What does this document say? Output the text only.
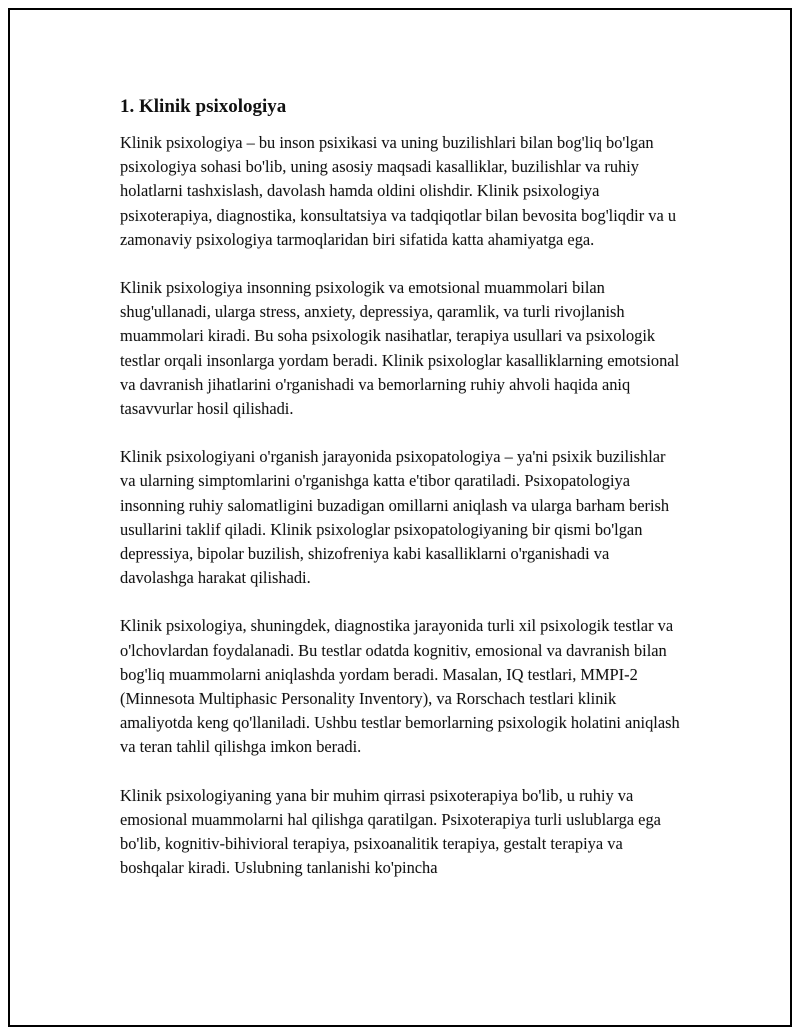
1. Klinik psixologiya

Klinik psixologiya – bu inson psixikasi va uning buzilishlari bilan bog'liq bo'lgan psixologiya sohasi bo'lib, uning asosiy maqsadi kasalliklar, buzilishlar va ruhiy holatlarni tashxislash, davolash hamda oldini olishdir. Klinik psixologiya psixoterapiya, diagnostika, konsultatsiya va tadqiqotlar bilan bevosita bog'liqdir va u zamonaviy psixologiya tarmoqlaridan biri sifatida katta ahamiyatga ega.

Klinik psixologiya insonning psixologik va emotsional muammolari bilan shug'ullanadi, ularga stress, anxiety, depressiya, qaramlik, va turli rivojlanish muammolari kiradi. Bu soha psixologik nasihatlar, terapiya usullari va psixologik testlar orqali insonlarga yordam beradi. Klinik psixologlar kasalliklarning emotsional va davranish jihatlarini o'rganishadi va bemorlarning ruhiy ahvoli haqida aniq tasavvurlar hosil qilishadi.

Klinik psixologiyani o'rganish jarayonida psixopatologiya – ya'ni psixik buzilishlar va ularning simptomlarini o'rganishga katta e'tibor qaratiladi. Psixopatologiya insonning ruhiy salomatligini buzadigan omillarni aniqlash va ularga barham berish usullarini taklif qiladi. Klinik psixologlar psixopatologiyaning bir qismi bo'lgan depressiya, bipolar buzilish, shizofreniya kabi kasalliklarni o'rganishadi va davolashga harakat qilishadi.

Klinik psixologiya, shuningdek, diagnostika jarayonida turli xil psixologik testlar va o'lchovlardan foydalanadi. Bu testlar odatda kognitiv, emosional va davranish bilan bog'liq muammolarni aniqlashda yordam beradi. Masalan, IQ testlari, MMPI-2 (Minnesota Multiphasic Personality Inventory), va Rorschach testlari klinik amaliyotda keng qo'llaniladi. Ushbu testlar bemorlarning psixologik holatini aniqlash va teran tahlil qilishga imkon beradi.

Klinik psixologiyaning yana bir muhim qirrasi psixoterapiya bo'lib, u ruhiy va emosional muammolarni hal qilishga qaratilgan. Psixoterapiya turli uslublarga ega bo'lib, kognitiv-bihivioral terapiya, psixoanalitik terapiya, gestalt terapiya va boshqalar kiradi. Uslubning tanlanishi ko'pincha
